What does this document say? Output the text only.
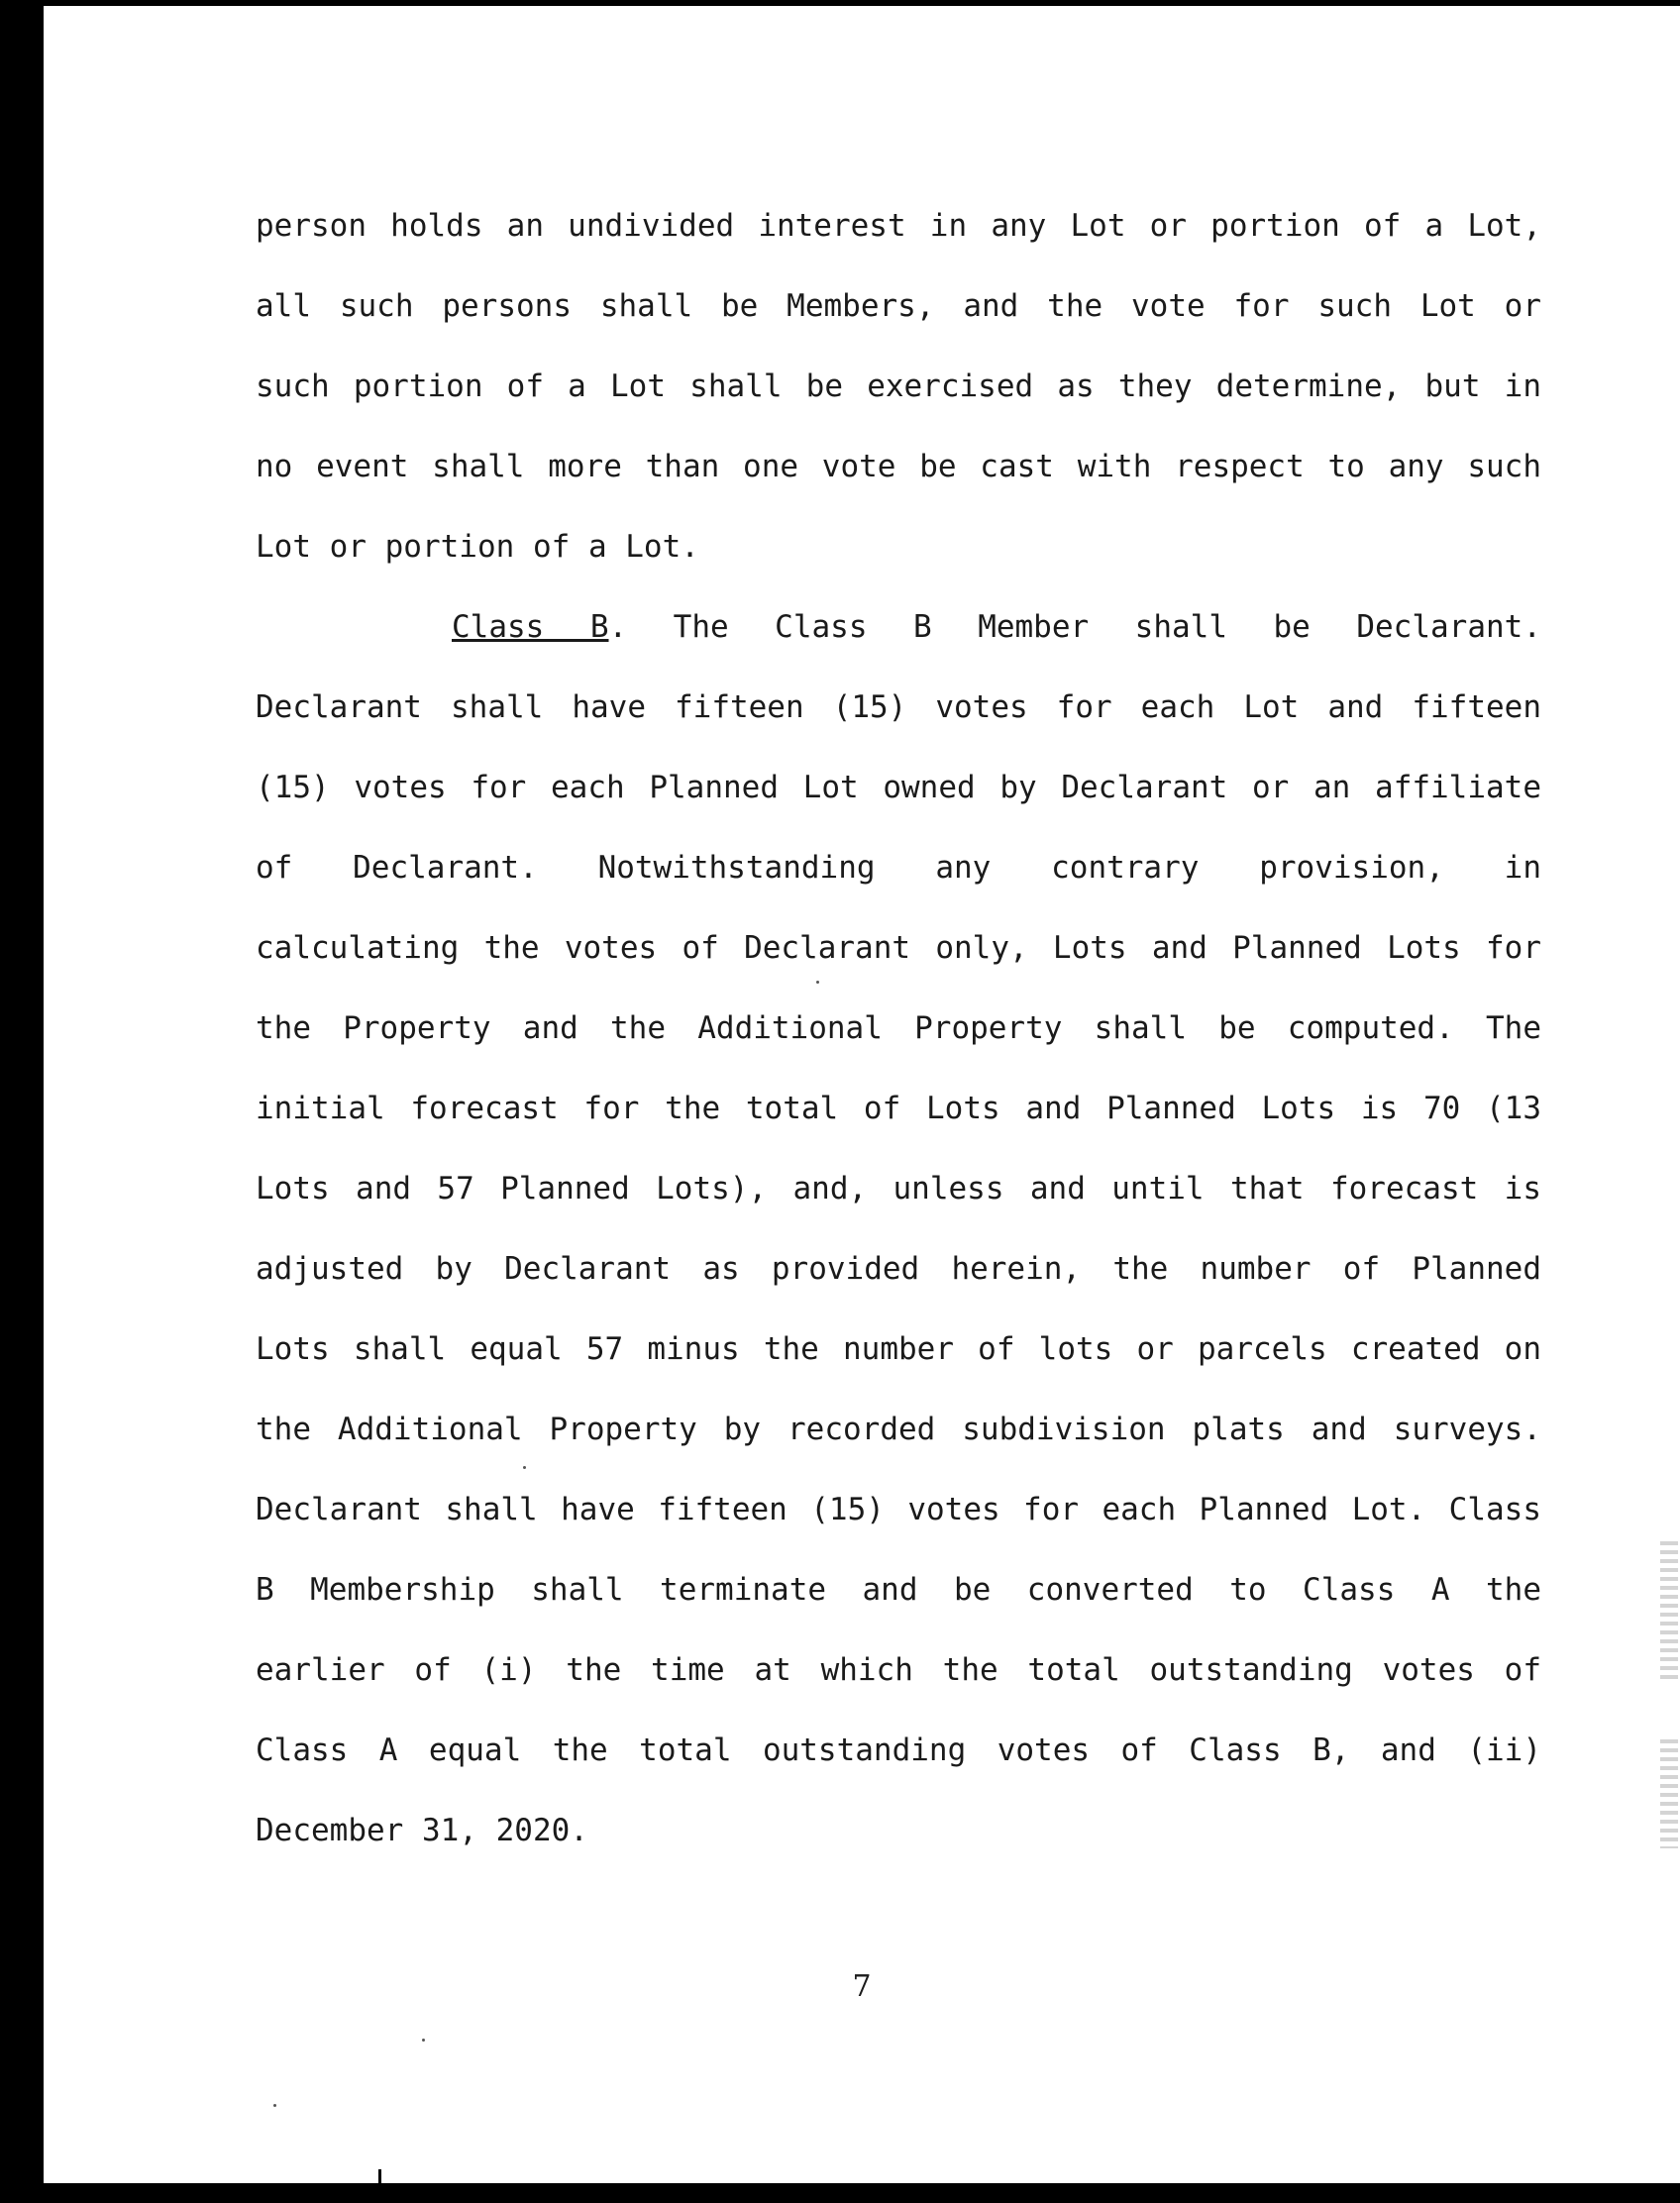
person holds an undivided interest in any Lot or portion of a Lot,

all such persons shall be Members, and the vote for such Lot or

such portion of a Lot shall be exercised as they determine, but in

no event shall more than one vote be cast with respect to any such

Lot or portion of a Lot.

Class B. The Class B Member shall be Declarant.

Declarant shall have fifteen (15) votes for each Lot and fifteen

(15) votes for each Planned Lot owned by Declarant or an affiliate

of Declarant. Notwithstanding any contrary provision, in

calculating the votes of Declarant only, Lots and Planned Lots for

the Property and the Additional Property shall be computed. The

initial forecast for the total of Lots and Planned Lots is 70 (13

Lots and 57 Planned Lots), and, unless and until that forecast is

adjusted by Declarant as provided herein, the number of Planned

Lots shall equal 57 minus the number of lots or parcels created on

the Additional Property by recorded subdivision plats and surveys.

Declarant shall have fifteen (15) votes for each Planned Lot. Class

B Membership shall terminate and be converted to Class A the

earlier of (i) the time at which the total outstanding votes of

Class A equal the total outstanding votes of Class B, and (ii)

December 31, 2020.

7
